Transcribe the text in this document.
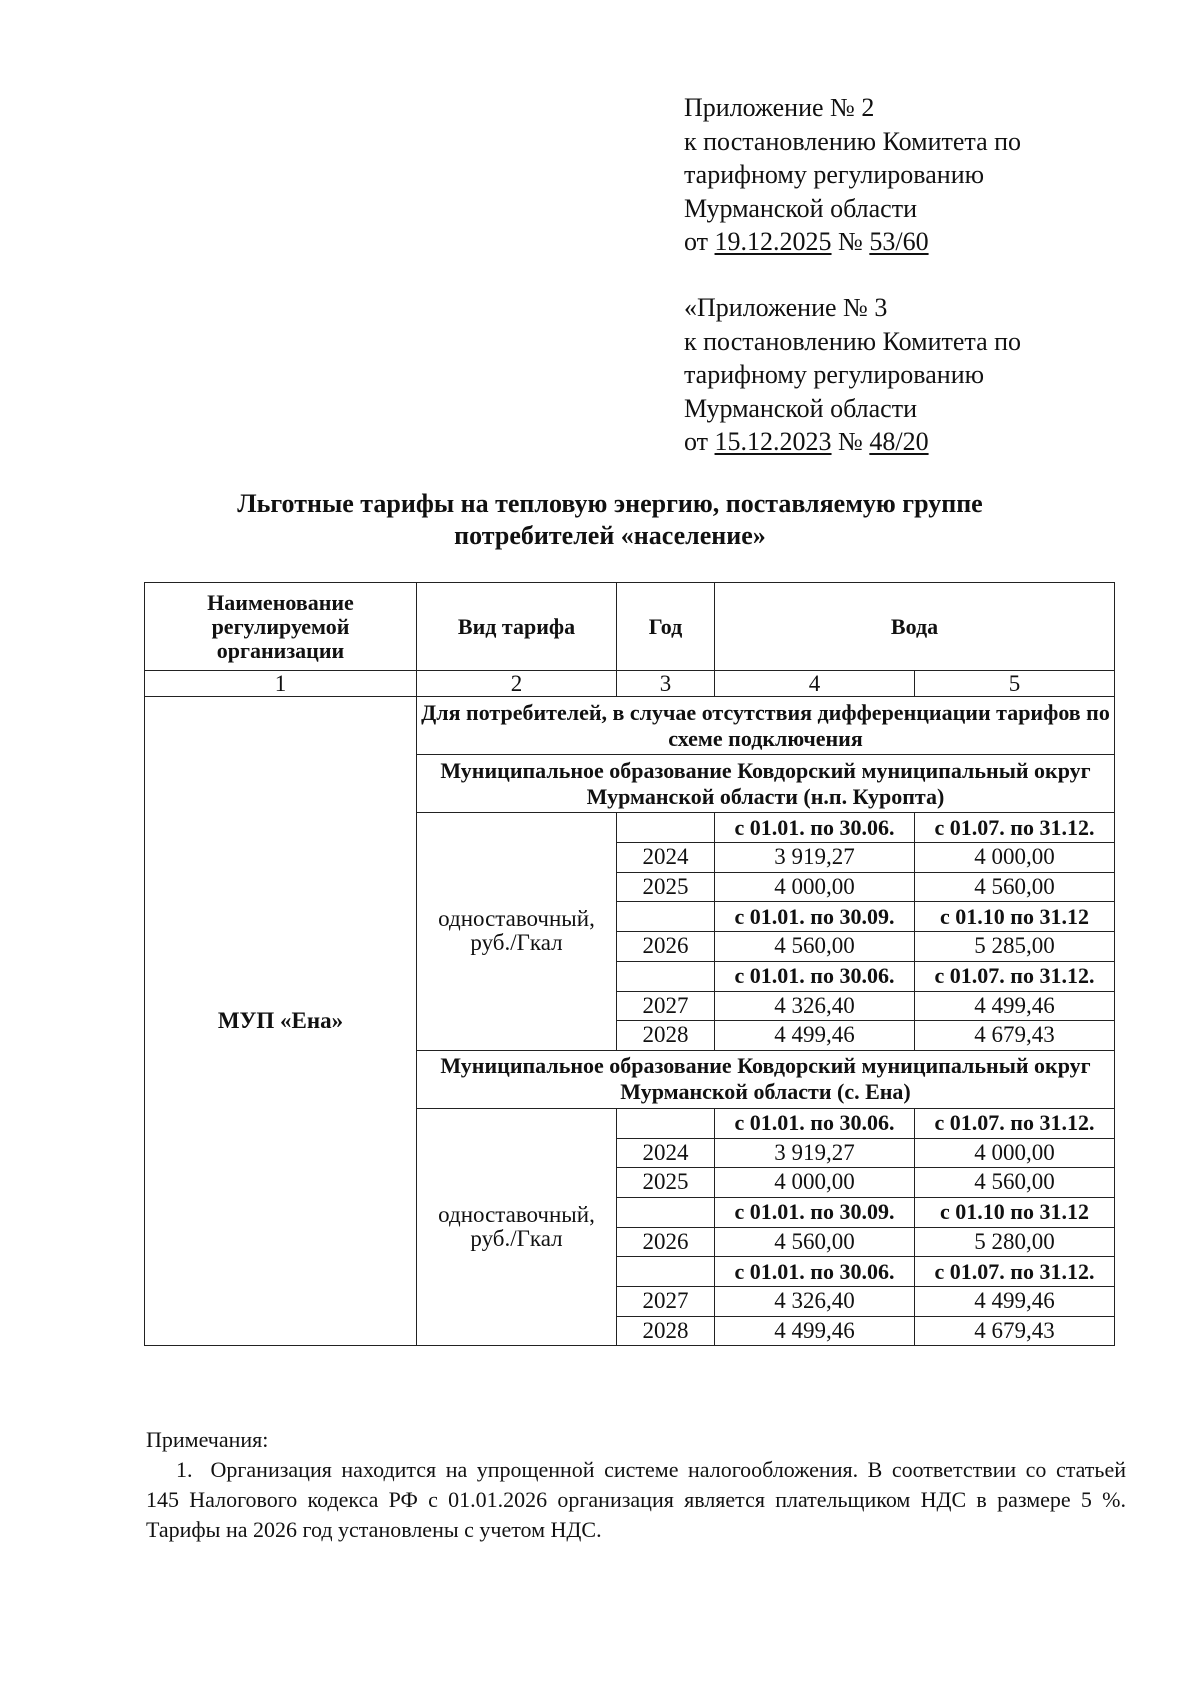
Приложение № 2
к постановлению Комитета по
тарифному регулированию
Мурманской области
от 19.12.2025 № 53/60
«Приложение № 3
к постановлению Комитета по
тарифному регулированию
Мурманской области
от 15.12.2023 № 48/20
Льготные тарифы на тепловую энергию, поставляемую группе
потребителей «население»
Наименование регулируемой организации	Вид тарифа	Год	Вода	
1	2	3	4	5
МУП «Ена»	Для потребителей, в случае отсутствия дифференциации тарифов по схеме подключения			
	Муниципальное образование Ковдорский муниципальный округ Мурманской области (н.п. Куропта)			
	одноставочный, руб./Гкал		с 01.01. по 30.06.	с 01.07. по 31.12.
		2024	3 919,27	4 000,00
		2025	4 000,00	4 560,00
			с 01.01. по 30.09.	с 01.10 по 31.12
		2026	4 560,00	5 285,00
			с 01.01. по 30.06.	с 01.07. по 31.12.
		2027	4 326,40	4 499,46
		2028	4 499,46	4 679,43
	Муниципальное образование Ковдорский муниципальный округ Мурманской области (с. Ена)			
	одноставочный, руб./Гкал		с 01.01. по 30.06.	с 01.07. по 31.12.
		2024	3 919,27	4 000,00
		2025	4 000,00	4 560,00
			с 01.01. по 30.09.	с 01.10 по 31.12
		2026	4 560,00	5 280,00
			с 01.01. по 30.06.	с 01.07. по 31.12.
		2027	4 326,40	4 499,46
		2028	4 499,46	4 679,43
Примечания:
1. Организация находится на упрощенной системе налогообложения. В соответствии со статьей 145 Налогового кодекса РФ с 01.01.2026 организация является плательщиком НДС в размере 5 %. Тарифы на 2026 год установлены с учетом НДС.
